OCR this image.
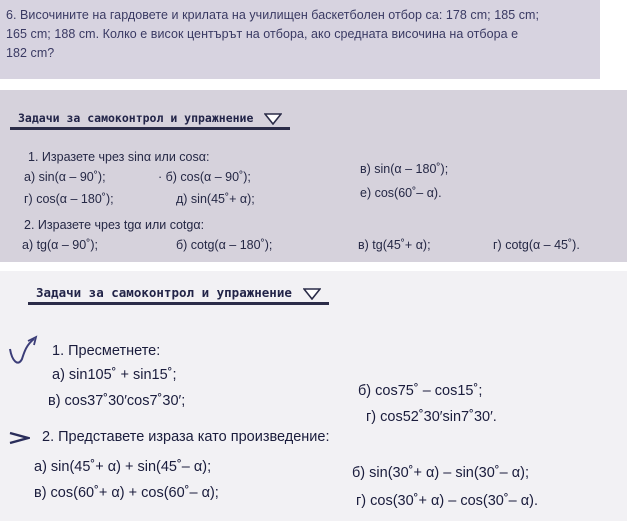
6. Височините на гардовете и крилата на училищен баскетболен отбор са: 178 cm; 185 cm;
165 cm; 188 cm. Колко е висок центърът на отбора, ако средната височина на отбора е
182 cm?
Задачи за самоконтрол и упражнение
1. Изразете чрез sinα или cosα:
а) sin(α – 90˚);	· б) cos(α – 90˚);
в) sin(α – 180˚);
г) cos(α – 180˚);	д) sin(45˚+ α);	е) cos(60˚– α).
2. Изразете чрез tgα или cotgα:
а) tg(α – 90˚);	б) cotg(α – 180˚);	в) tg(45˚+ α);	г) cotg(α – 45˚).
Задачи за самоконтрол и упражнение
1. Пресметнете:
а) sin105˚ + sin15˚;
б) cos75˚ – cos15˚;
в) cos37˚30′cos7˚30′;
г) cos52˚30′sin7˚30′.
2. Представете израза като произведение:
а) sin(45˚+ α) + sin(45˚– α);	б) sin(30˚+ α) – sin(30˚– α);
в) cos(60˚+ α) + cos(60˚– α);	г) cos(30˚+ α) – cos(30˚– α).
